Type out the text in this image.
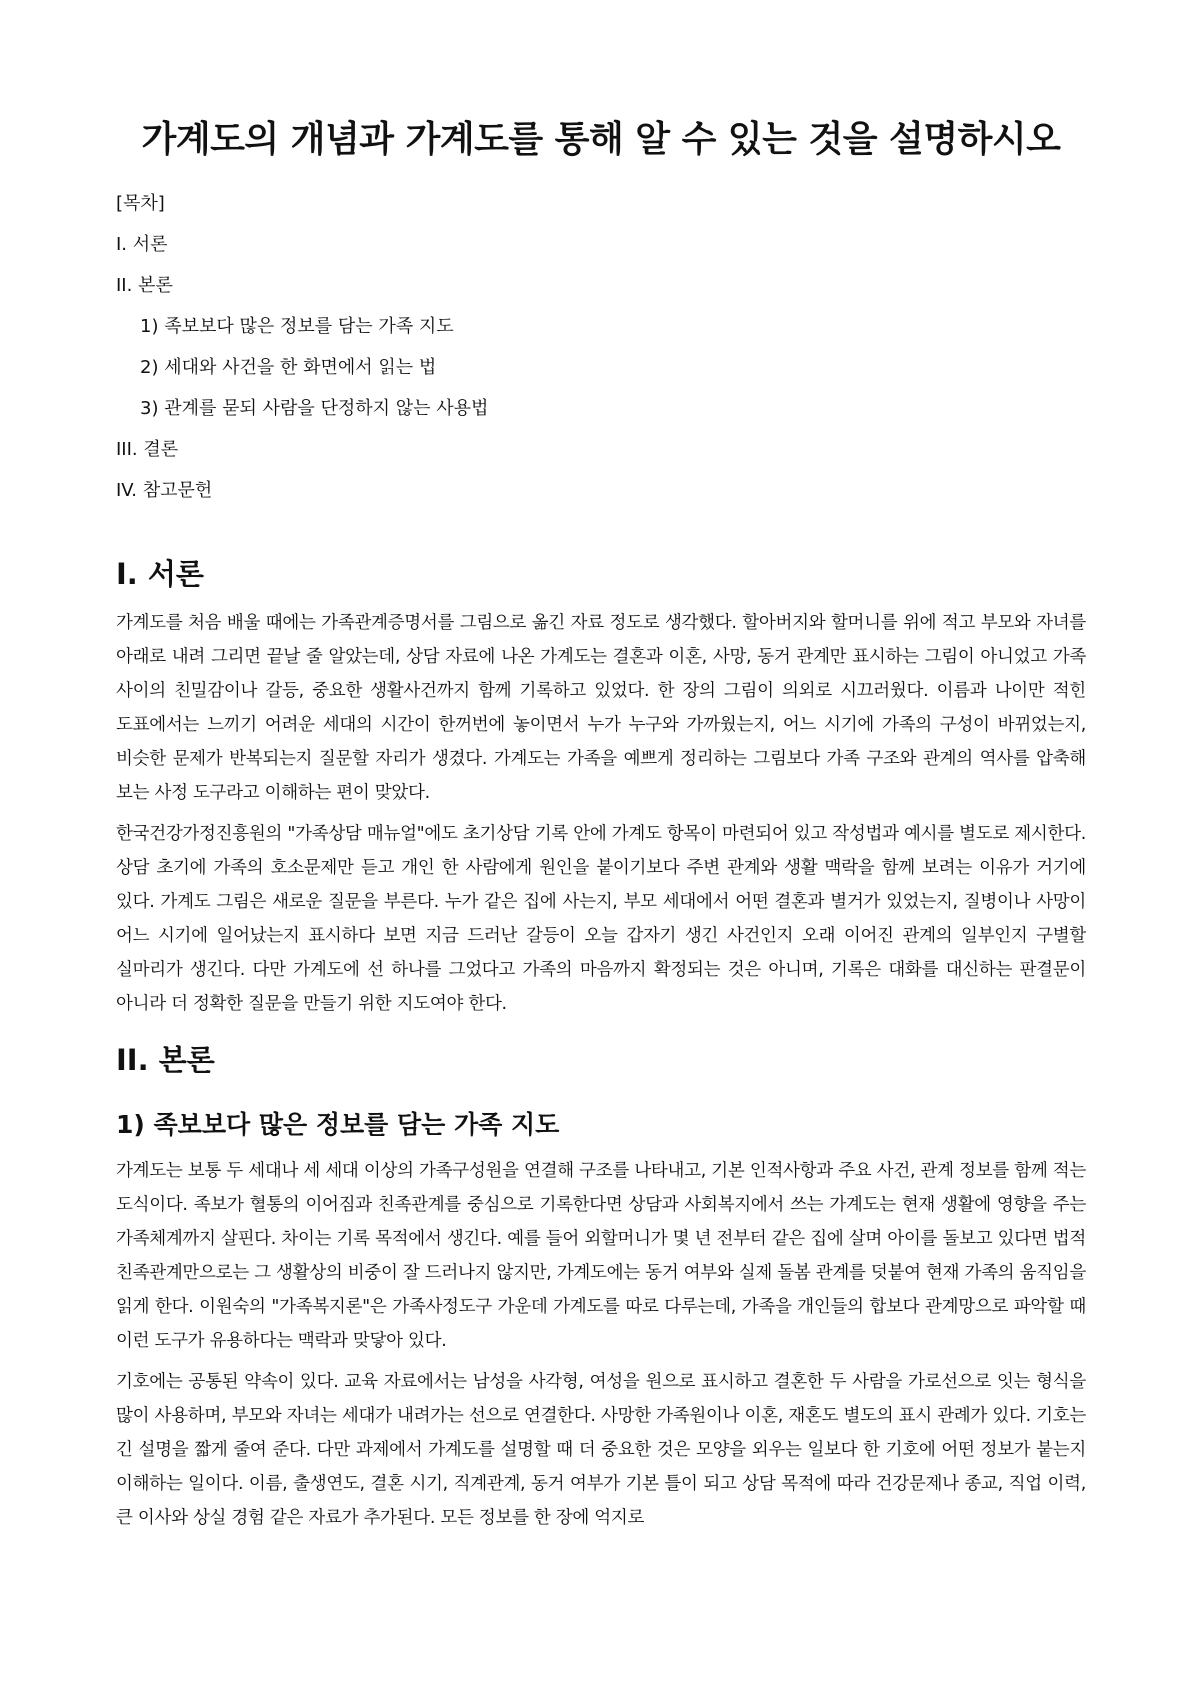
가계도의 개념과 가계도를 통해 알 수 있는 것을 설명하시오
[목차]
I. 서론
II. 본론
1) 족보보다 많은 정보를 담는 가족 지도
2) 세대와 사건을 한 화면에서 읽는 법
3) 관계를 묻되 사람을 단정하지 않는 사용법
III. 결론
IV. 참고문헌
I. 서론

가계도를 처음 배울 때에는 가족관계증명서를 그림으로 옮긴 자료 정도로 생각했다. 할아버지와 할머니를 위에 적고 부모와 자녀를 아래로 내려 그리면 끝날 줄 알았는데, 상담 자료에 나온 가계도는 결혼과 이혼, 사망, 동거 관계만 표시하는 그림이 아니었고 가족 사이의 친밀감이나 갈등, 중요한 생활사건까지 함께 기록하고 있었다. 한 장의 그림이 의외로 시끄러웠다. 이름과 나이만 적힌 도표에서는 느끼기 어려운 세대의 시간이 한꺼번에 놓이면서 누가 누구와 가까웠는지, 어느 시기에 가족의 구성이 바뀌었는지, 비슷한 문제가 반복되는지 질문할 자리가 생겼다. 가계도는 가족을 예쁘게 정리하는 그림보다 가족 구조와 관계의 역사를 압축해 보는 사정 도구라고 이해하는 편이 맞았다.

한국건강가정진흥원의 "가족상담 매뉴얼"에도 초기상담 기록 안에 가계도 항목이 마련되어 있고 작성법과 예시를 별도로 제시한다. 상담 초기에 가족의 호소문제만 듣고 개인 한 사람에게 원인을 붙이기보다 주변 관계와 생활 맥락을 함께 보려는 이유가 거기에 있다. 가계도 그림은 새로운 질문을 부른다. 누가 같은 집에 사는지, 부모 세대에서 어떤 결혼과 별거가 있었는지, 질병이나 사망이 어느 시기에 일어났는지 표시하다 보면 지금 드러난 갈등이 오늘 갑자기 생긴 사건인지 오래 이어진 관계의 일부인지 구별할 실마리가 생긴다. 다만 가계도에 선 하나를 그었다고 가족의 마음까지 확정되는 것은 아니며, 기록은 대화를 대신하는 판결문이 아니라 더 정확한 질문을 만들기 위한 지도여야 한다.

II. 본론
1) 족보보다 많은 정보를 담는 가족 지도

가계도는 보통 두 세대나 세 세대 이상의 가족구성원을 연결해 구조를 나타내고, 기본 인적사항과 주요 사건, 관계 정보를 함께 적는 도식이다. 족보가 혈통의 이어짐과 친족관계를 중심으로 기록한다면 상담과 사회복지에서 쓰는 가계도는 현재 생활에 영향을 주는 가족체계까지 살핀다. 차이는 기록 목적에서 생긴다. 예를 들어 외할머니가 몇 년 전부터 같은 집에 살며 아이를 돌보고 있다면 법적 친족관계만으로는 그 생활상의 비중이 잘 드러나지 않지만, 가계도에는 동거 여부와 실제 돌봄 관계를 덧붙여 현재 가족의 움직임을 읽게 한다. 이원숙의 "가족복지론"은 가족사정도구 가운데 가계도를 따로 다루는데, 가족을 개인들의 합보다 관계망으로 파악할 때 이런 도구가 유용하다는 맥락과 맞닿아 있다.

기호에는 공통된 약속이 있다. 교육 자료에서는 남성을 사각형, 여성을 원으로 표시하고 결혼한 두 사람을 가로선으로 잇는 형식을 많이 사용하며, 부모와 자녀는 세대가 내려가는 선으로 연결한다. 사망한 가족원이나 이혼, 재혼도 별도의 표시 관례가 있다. 기호는 긴 설명을 짧게 줄여 준다. 다만 과제에서 가계도를 설명할 때 더 중요한 것은 모양을 외우는 일보다 한 기호에 어떤 정보가 붙는지 이해하는 일이다. 이름, 출생연도, 결혼 시기, 직계관계, 동거 여부가 기본 틀이 되고 상담 목적에 따라 건강문제나 종교, 직업 이력, 큰 이사와 상실 경험 같은 자료가 추가된다. 모든 정보를 한 장에 억지로
